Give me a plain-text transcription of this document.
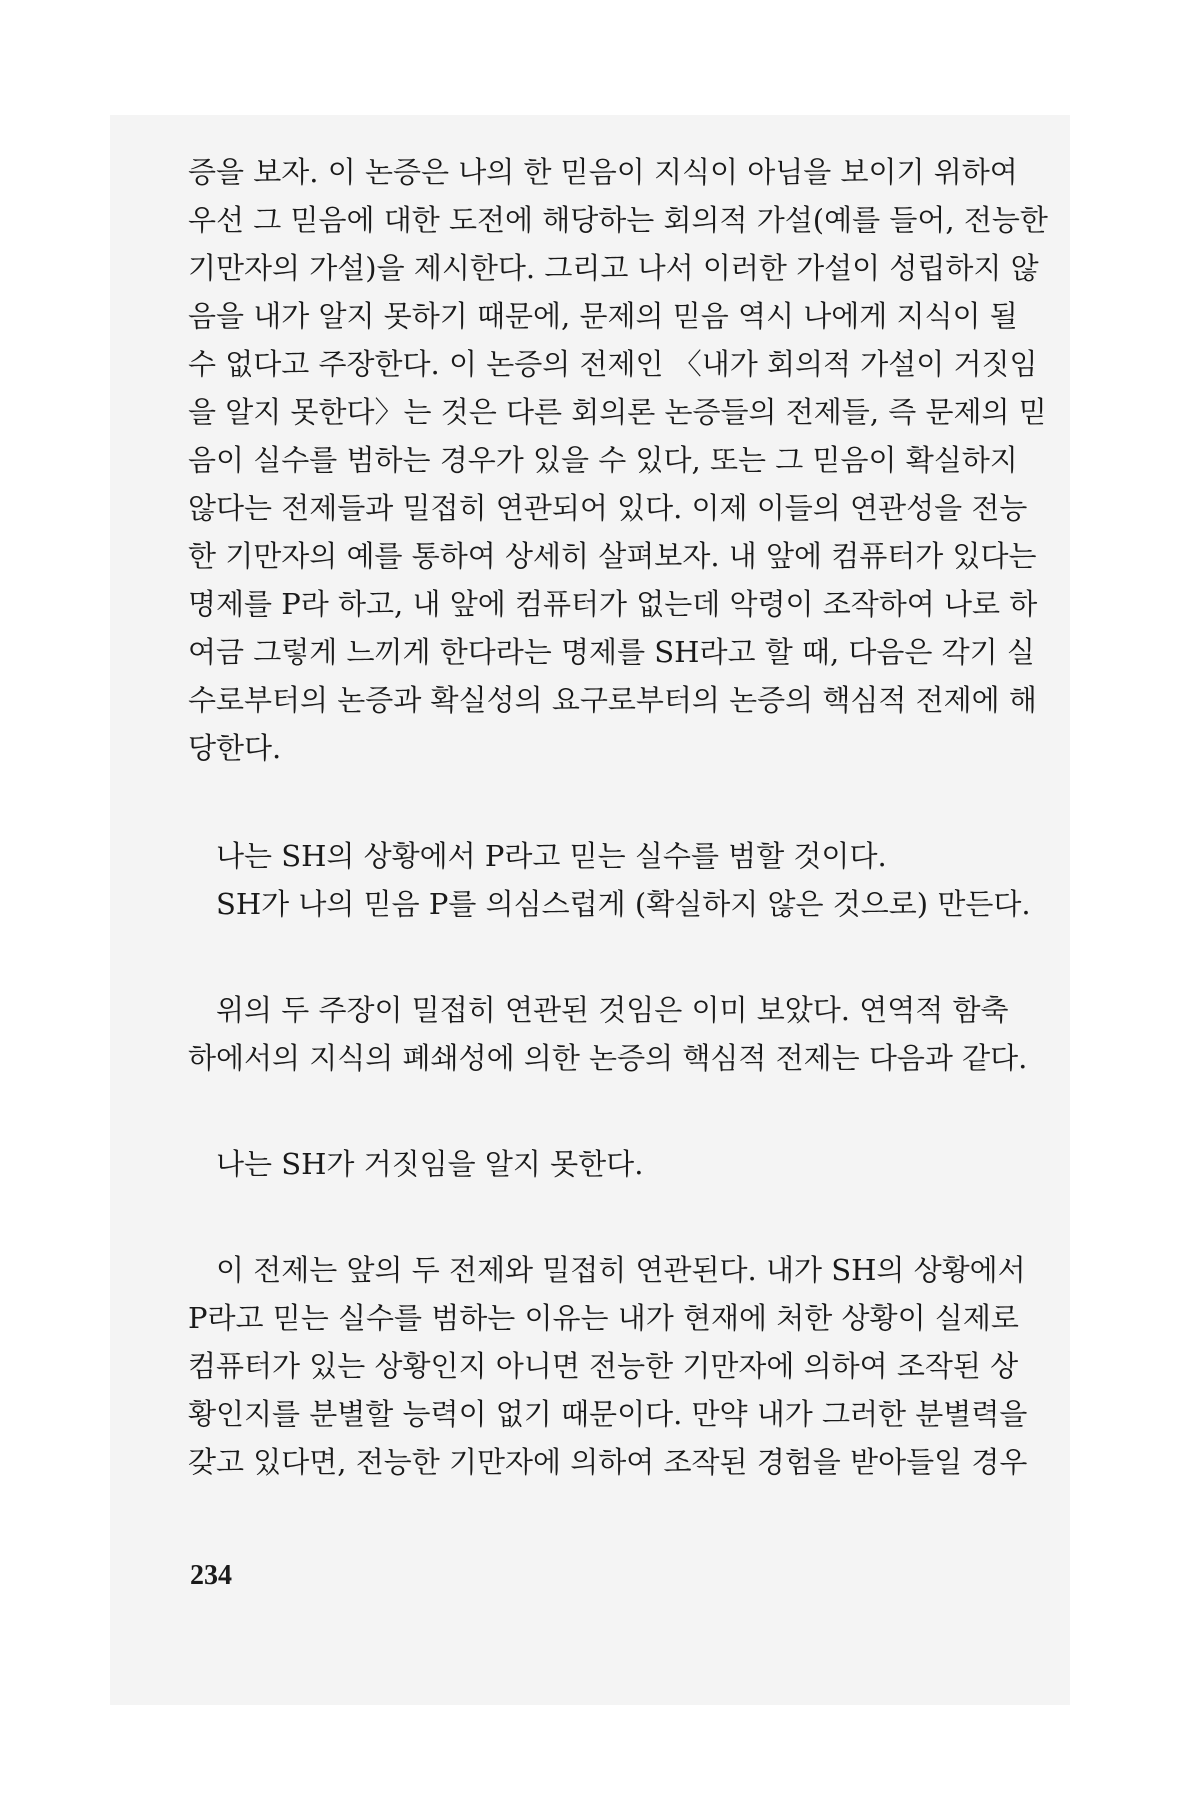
증을 보자. 이 논증은 나의 한 믿음이 지식이 아님을 보이기 위하여
우선 그 믿음에 대한 도전에 해당하는 회의적 가설(예를 들어, 전능한
기만자의 가설)을 제시한다. 그리고 나서 이러한 가설이 성립하지 않
음을 내가 알지 못하기 때문에, 문제의 믿음 역시 나에게 지식이 될
수 없다고 주장한다. 이 논증의 전제인 〈내가 회의적 가설이 거짓임
을 알지 못한다〉는 것은 다른 회의론 논증들의 전제들, 즉 문제의 믿
음이 실수를 범하는 경우가 있을 수 있다, 또는 그 믿음이 확실하지
않다는 전제들과 밀접히 연관되어 있다. 이제 이들의 연관성을 전능
한 기만자의 예를 통하여 상세히 살펴보자. 내 앞에 컴퓨터가 있다는
명제를 P라 하고, 내 앞에 컴퓨터가 없는데 악령이 조작하여 나로 하
여금 그렇게 느끼게 한다라는 명제를 SH라고 할 때, 다음은 각기 실
수로부터의 논증과 확실성의 요구로부터의 논증의 핵심적 전제에 해
당한다.
나는 SH의 상황에서 P라고 믿는 실수를 범할 것이다.
SH가 나의 믿음 P를 의심스럽게 (확실하지 않은 것으로) 만든다.
위의 두 주장이 밀접히 연관된 것임은 이미 보았다. 연역적 함축
하에서의 지식의 폐쇄성에 의한 논증의 핵심적 전제는 다음과 같다.
나는 SH가 거짓임을 알지 못한다.
이 전제는 앞의 두 전제와 밀접히 연관된다. 내가 SH의 상황에서
P라고 믿는 실수를 범하는 이유는 내가 현재에 처한 상황이 실제로
컴퓨터가 있는 상황인지 아니면 전능한 기만자에 의하여 조작된 상
황인지를 분별할 능력이 없기 때문이다. 만약 내가 그러한 분별력을
갖고 있다면, 전능한 기만자에 의하여 조작된 경험을 받아들일 경우
234
